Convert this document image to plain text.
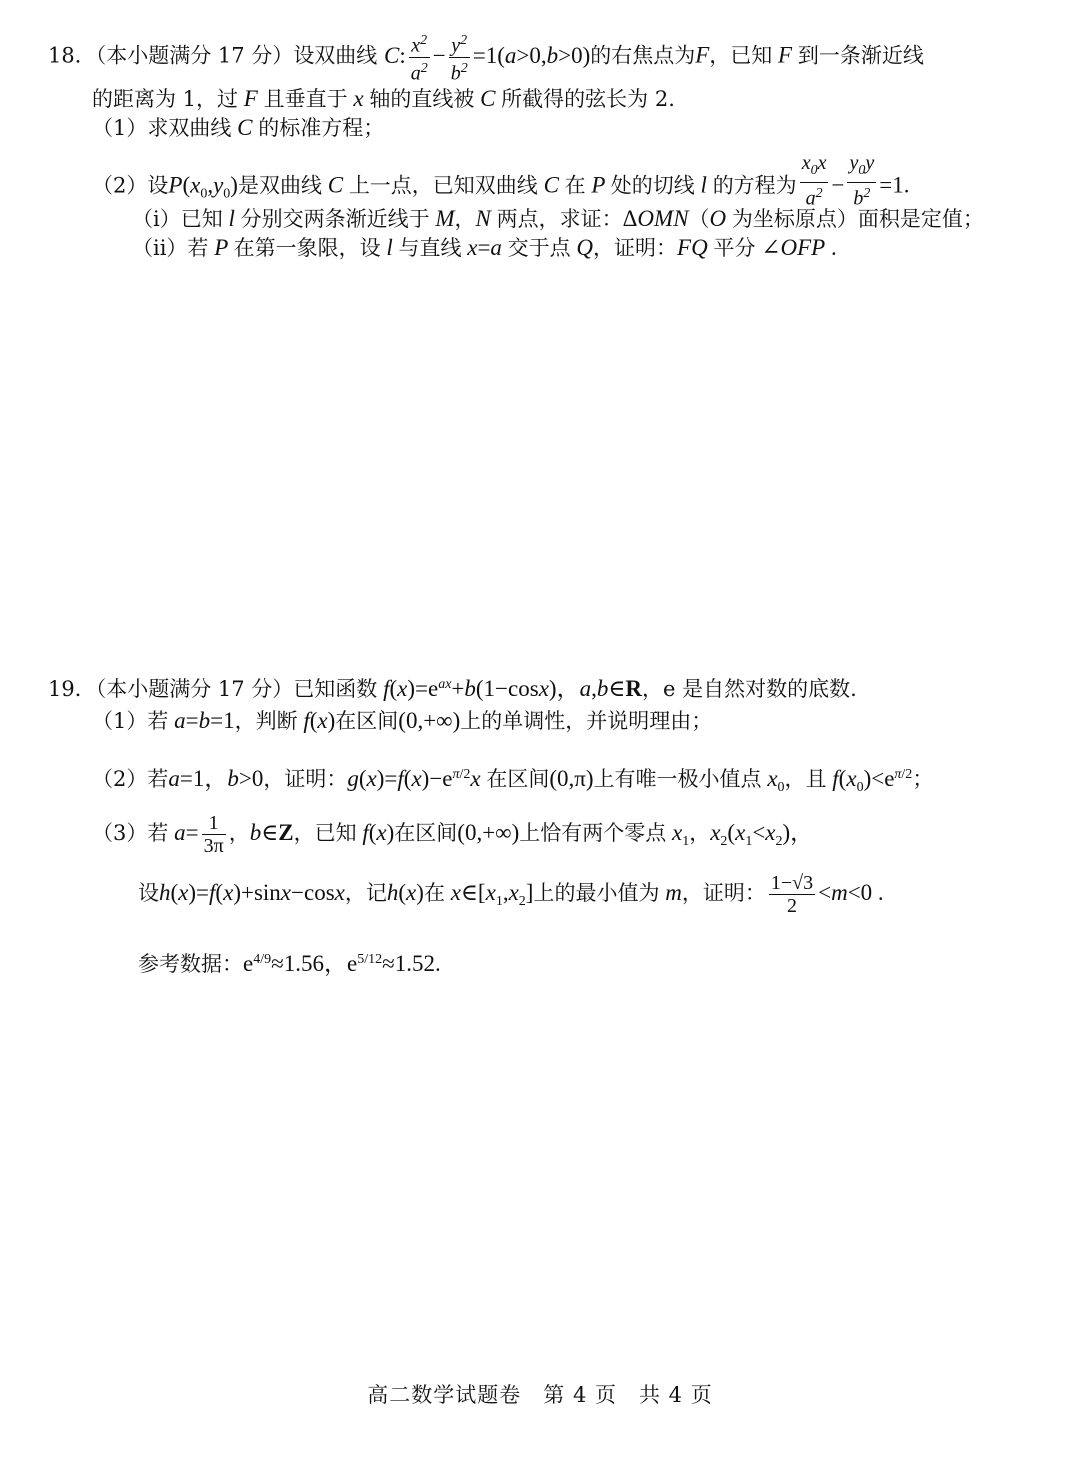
18．（本小题满分 17 分）设双曲线 C: $\frac{x^2}{a^2} - \frac{y^2}{b^2} =1(a>0,b>0)$的右焦点为F，已知 F 到一条渐近线
的距离为 1，过 F 且垂直于 x 轴的直线被 C 所截得的弦长为 2.
（1）求双曲线 C 的标准方程；
（2）设$P(x_0,y_0)$是双曲线 C 上一点，已知双曲线 C 在 P 处的切线 l 的方程为 $\frac{x_0x}{a^2} - \frac{y_0y}{b^2} =1$.
（i）已知 l 分别交两条渐近线于 M，N 两点，求证：ΔOMN（O 为坐标原点）面积是定值；
（ii）若 P 在第一象限，设 l 与直线 x=a 交于点 Q，证明：FQ 平分 ∠OFP .
19．（本小题满分 17 分）已知函数 $f(x)=e^{ax}+b(1-\cos x)$，a,b∈R，e 是自然对数的底数.
（1）若 a=b=1，判断 f(x)在区间(0,+∞)上的单调性，并说明理由；
（2）若a=1，b>0，证明：$g(x)=f(x)-e^{\pi/2}x$ 在区间(0,π)上有唯一极小值点 $x_0$，且 $f(x_0)<e^{\pi/2}$；
（3）若 $a= \frac{1}{3\pi}$ ，b∈Z，已知 f(x)在区间(0,+∞)上恰有两个零点 $x_1$，$x_2(x_1<x_2)$，
设h(x)=f(x)+sinx−cosx，记h(x)在 $x\in[x_1,x_2]$上的最小值为 m，证明： $\frac{1-√3}{2} <m<0$ .
参考数据：$e^{4/9}\approx 1.56$，$e^{5/12}\approx 1.52$.
高二数学试题卷　第 4 页　共 4 页
